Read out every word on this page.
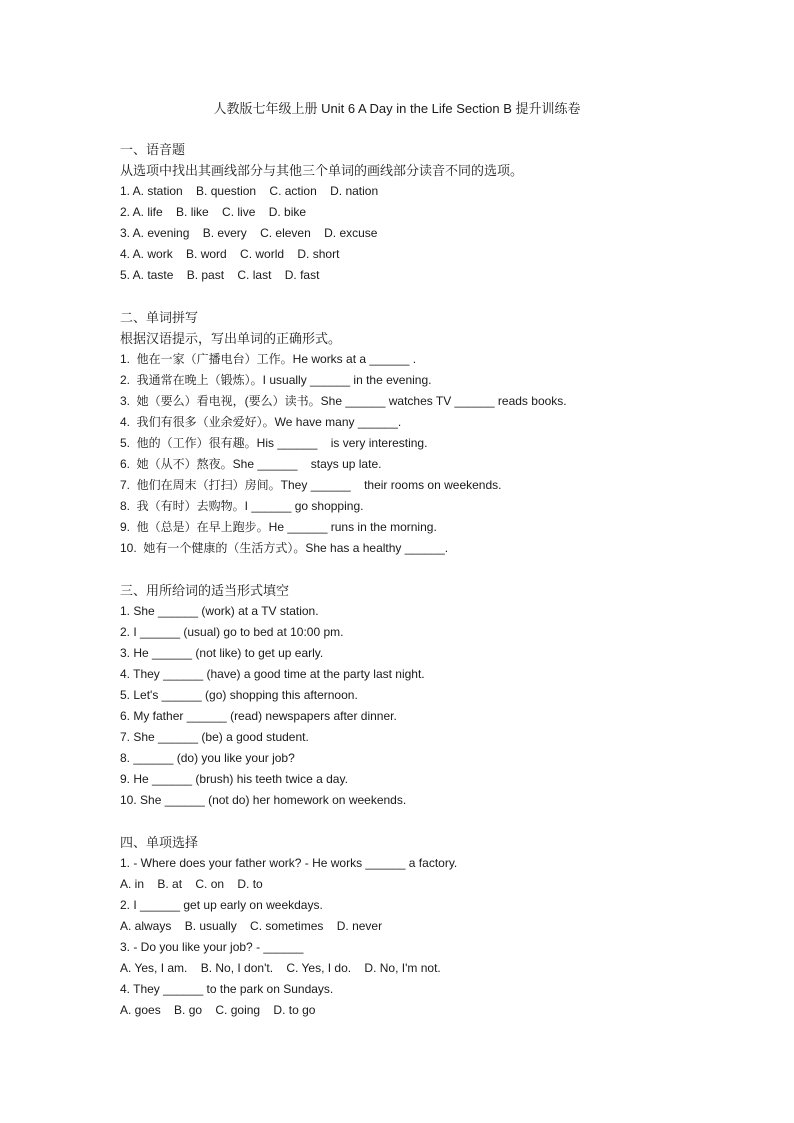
人教版七年级上册 Unit 6 A Day in the Life Section B 提升训练卷
一、语音题
从选项中找出其画线部分与其他三个单词的画线部分读音不同的选项。
1. A. station    B. question    C. action    D. nation
2. A. life    B. like    C. live    D. bike
3. A. evening    B. every    C. eleven    D. excuse
4. A. work    B. word    C. world    D. short
5. A. taste    B. past    C. last    D. fast
二、单词拼写
根据汉语提示，写出单词的正确形式。
1.  他在一家（广播电台）工作。He works at a ______ .
2.  我通常在晚上（锻炼）。I usually ______ in the evening.
3.  她（要么）看电视，(要么）读书。She ______ watches TV ______ reads books.
4.  我们有很多（业余爱好）。We have many ______.
5.  他的（工作）很有趣。His ______    is very interesting.
6.  她（从不）熬夜。She ______    stays up late.
7.  他们在周末（打扫）房间。They ______    their rooms on weekends.
8.  我（有时）去购物。I ______ go shopping.
9.  他（总是）在早上跑步。He ______ runs in the morning.
10.  她有一个健康的（生活方式）。She has a healthy ______.
三、用所给词的适当形式填空
1. She ______ (work) at a TV station.
2. I ______ (usual) go to bed at 10:00 pm.
3. He ______ (not like) to get up early.
4. They ______ (have) a good time at the party last night.
5. Let's ______ (go) shopping this afternoon.
6. My father ______ (read) newspapers after dinner.
7. She ______ (be) a good student.
8. ______ (do) you like your job?
9. He ______ (brush) his teeth twice a day.
10. She ______ (not do) her homework on weekends.
四、单项选择
1. - Where does your father work? - He works ______ a factory.
A. in    B. at    C. on    D. to
2. I ______ get up early on weekdays.
A. always    B. usually    C. sometimes    D. never
3. - Do you like your job? - ______
A. Yes, I am.    B. No, I don't.    C. Yes, I do.    D. No, I'm not.
4. They ______ to the park on Sundays.
A. goes    B. go    C. going    D. to go
